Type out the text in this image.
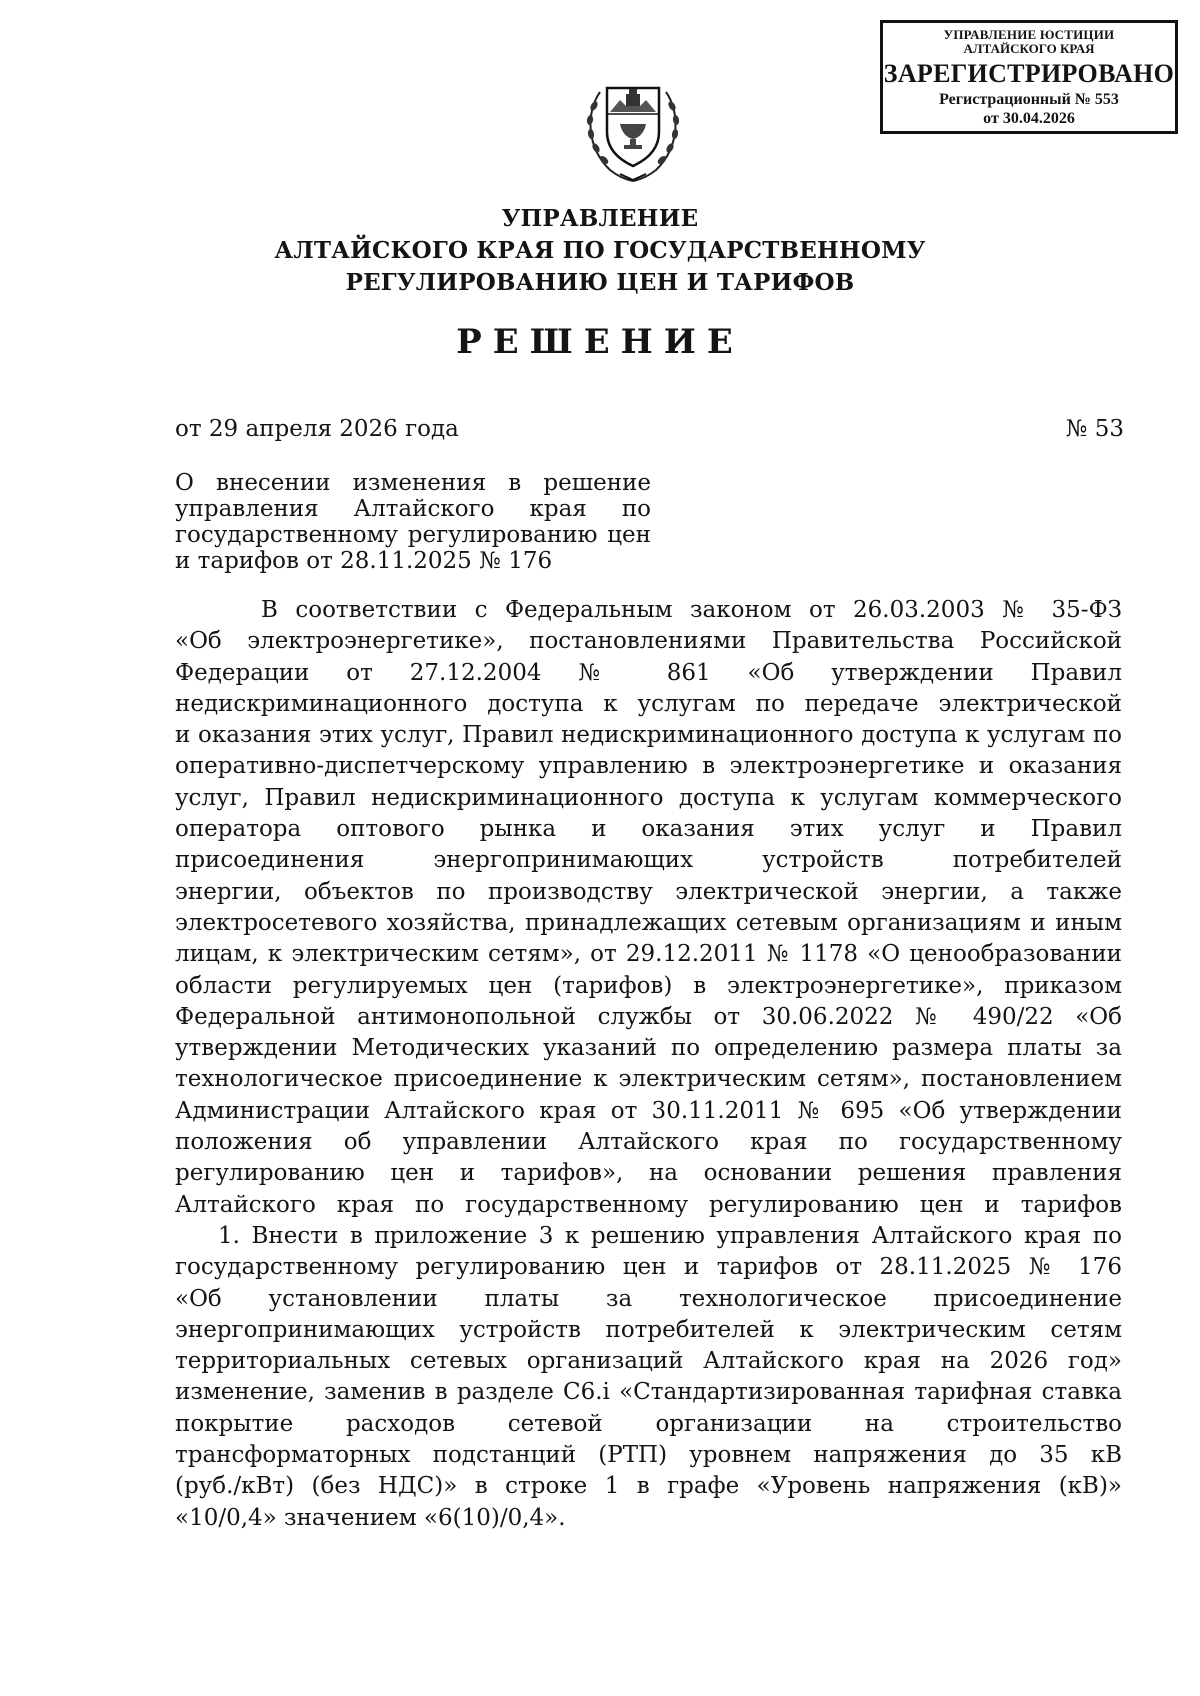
УПРАВЛЕНИЕ ЮСТИЦИИ
АЛТАЙСКОГО КРАЯ
ЗАРЕГИСТРИРОВАНО
Регистрационный № 553
от 30.04.2026
УПРАВЛЕНИЕ
АЛТАЙСКОГО КРАЯ ПО ГОСУДАРСТВЕННОМУ
РЕГУЛИРОВАНИЮ ЦЕН И ТАРИФОВ
РЕШЕНИЕ
от 29 апреля 2026 года	№ 53
О внесении изменения в решение
управления Алтайского края по
государственному регулированию цен
и тарифов от 28.11.2025 № 176
В соответствии с Федеральным законом от 26.03.2003 № 35-ФЗ
«Об электроэнергетике», постановлениями Правительства Российской
Федерации от 27.12.2004 № 861 «Об утверждении Правил
недискриминационного доступа к услугам по передаче электрической
и оказания этих услуг, Правил недискриминационного доступа к услугам по
оперативно-диспетчерскому управлению в электроэнергетике и оказания
услуг, Правил недискриминационного доступа к услугам коммерческого
оператора оптового рынка и оказания этих услуг и Правил
присоединения энергопринимающих устройств потребителей
энергии, объектов по производству электрической энергии, а также
электросетевого хозяйства, принадлежащих сетевым организациям и иным
лицам, к электрическим сетям», от 29.12.2011 № 1178 «О ценообразовании
области регулируемых цен (тарифов) в электроэнергетике», приказом
Федеральной антимонопольной службы от 30.06.2022 № 490/22 «Об
утверждении Методических указаний по определению размера платы за
технологическое присоединение к электрическим сетям», постановлением
Администрации Алтайского края от 30.11.2011 № 695 «Об утверждении
положения об управлении Алтайского края по государственному
регулированию цен и тарифов», на основании решения правления
Алтайского края по государственному регулированию цен и тарифов
1. Внести в приложение 3 к решению управления Алтайского края по
государственному регулированию цен и тарифов от 28.11.2025 № 176
«Об установлении платы за технологическое присоединение
энергопринимающих устройств потребителей к электрическим сетям
территориальных сетевых организаций Алтайского края на 2026 год»
изменение, заменив в разделе С6.i «Стандартизированная тарифная ставка
покрытие расходов сетевой организации на строительство
трансформаторных подстанций (РТП) уровнем напряжения до 35 кВ
(руб./кВт) (без НДС)» в строке 1 в графе «Уровень напряжения (кВ)»
«10/0,4» значением «6(10)/0,4».
